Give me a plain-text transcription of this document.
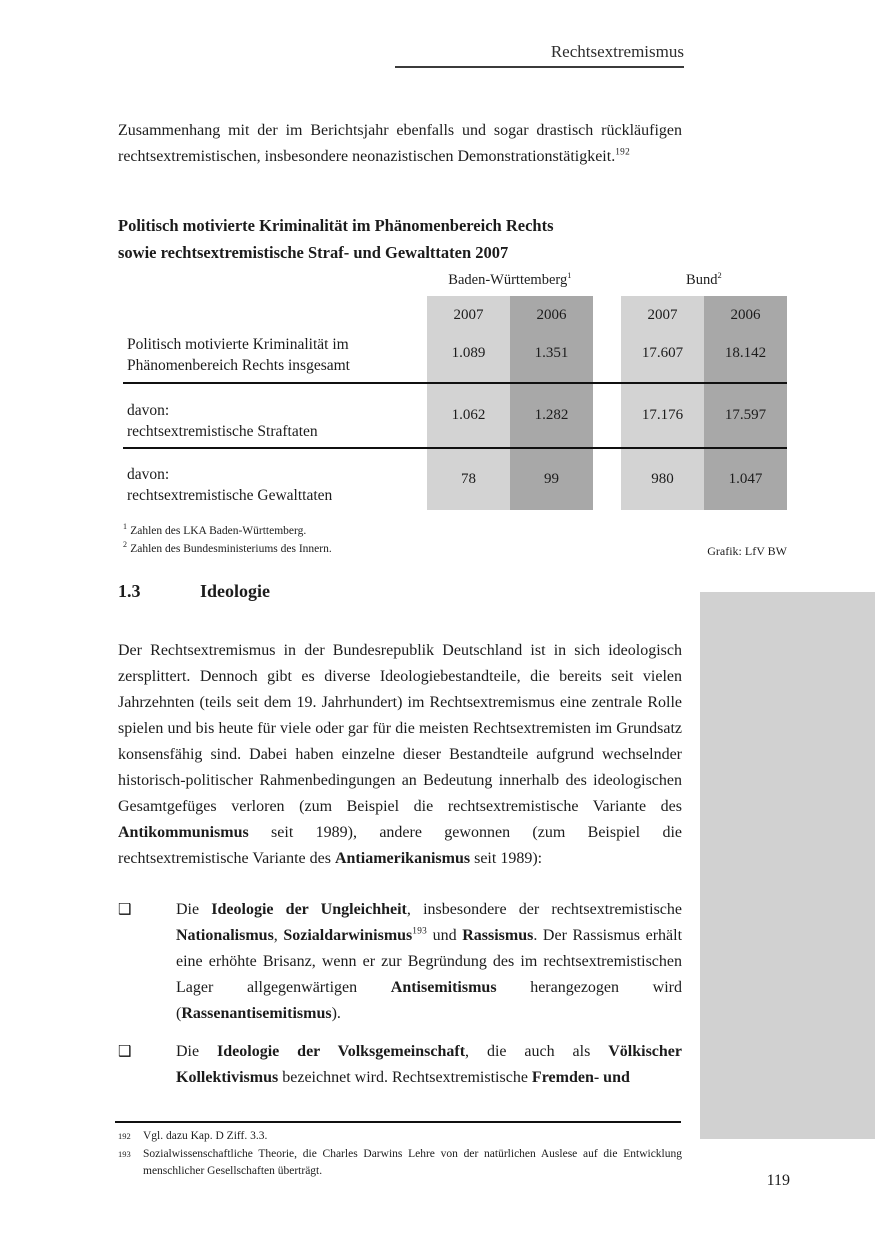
Rechtsextremismus
Zusammenhang mit der im Berichtsjahr ebenfalls und sogar drastisch rückläufigen rechtsextremistischen, insbesondere neonazistischen Demonstrationstätigkeit.$^{192}$
Politisch motivierte Kriminalität im Phänomenbereich Rechts
sowie rechtsextremistische Straf- und Gewalttaten 2007
Baden-Württemberg$^1$	Bund$^2$
2007	2006	2007	2006
Politisch motivierte Kriminalität im
Phänomenbereich Rechts insgesamt
1.089	1.351	17.607	18.142
davon:
rechtsextremistische Straftaten
1.062	1.282	17.176	17.597
davon:
rechtsextremistische Gewalttaten
78	99	980	1.047
$^1$ Zahlen des LKA Baden-Württemberg.
$^2$ Zahlen des Bundesministeriums des Innern.	Grafik: LfV BW
1.3	Ideologie
Der Rechtsextremismus in der Bundesrepublik Deutschland ist in sich ideologisch zersplittert. Dennoch gibt es diverse Ideologiebestandteile, die bereits seit vielen Jahrzehnten (teils seit dem 19. Jahrhundert) im Rechtsextremismus eine zentrale Rolle spielen und bis heute für viele oder gar für die meisten Rechtsextremisten im Grundsatz konsensfähig sind. Dabei haben einzelne dieser Bestandteile aufgrund wechselnder historisch-politischer Rahmenbedingungen an Bedeutung innerhalb des ideologischen Gesamtgefüges verloren (zum Beispiel die rechtsextremistische Variante des Antikommunismus seit 1989), andere gewonnen (zum Beispiel die rechtsextremistische Variante des Antiamerikanismus seit 1989):
❑	Die Ideologie der Ungleichheit, insbesondere der rechtsextremistische Nationalismus, Sozialdarwinismus$^{193}$ und Rassismus. Der Rassismus erhält eine erhöhte Brisanz, wenn er zur Begründung des im rechtsextremistischen Lager allgegenwärtigen Antisemitismus herangezogen wird (Rassenantisemitismus).
❑	Die Ideologie der Volksgemeinschaft, die auch als Völkischer Kollektivismus bezeichnet wird. Rechtsextremistische Fremden- und
192 Vgl. dazu Kap. D Ziff. 3.3.
193 Sozialwissenschaftliche Theorie, die Charles Darwins Lehre von der natürlichen Auslese auf die Entwicklung menschlicher Gesellschaften überträgt.
119
